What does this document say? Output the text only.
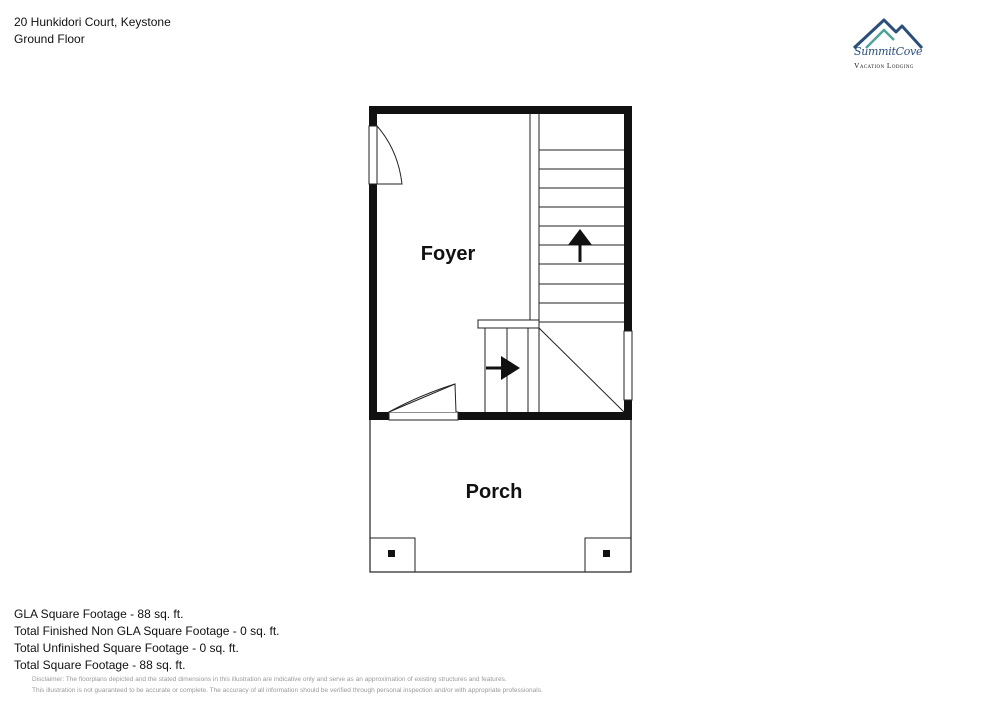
20 Hunkidori Court, Keystone
Ground Floor
SummitCove
Vacation Lodging
Foyer
Porch
GLA Square Footage - 88 sq. ft.
Total Finished Non GLA Square Footage - 0 sq. ft.
Total Unfinished Square Footage - 0 sq. ft.
Total Square Footage - 88 sq. ft.
Disclaimer: The floorplans depicted and the stated dimensions in this illustration are indicative only and serve as an approximation of existing structures and features.
This illustration is not guaranteed to be accurate or complete. The accuracy of all information should be verified through personal inspection and/or with appropriate professionals.
